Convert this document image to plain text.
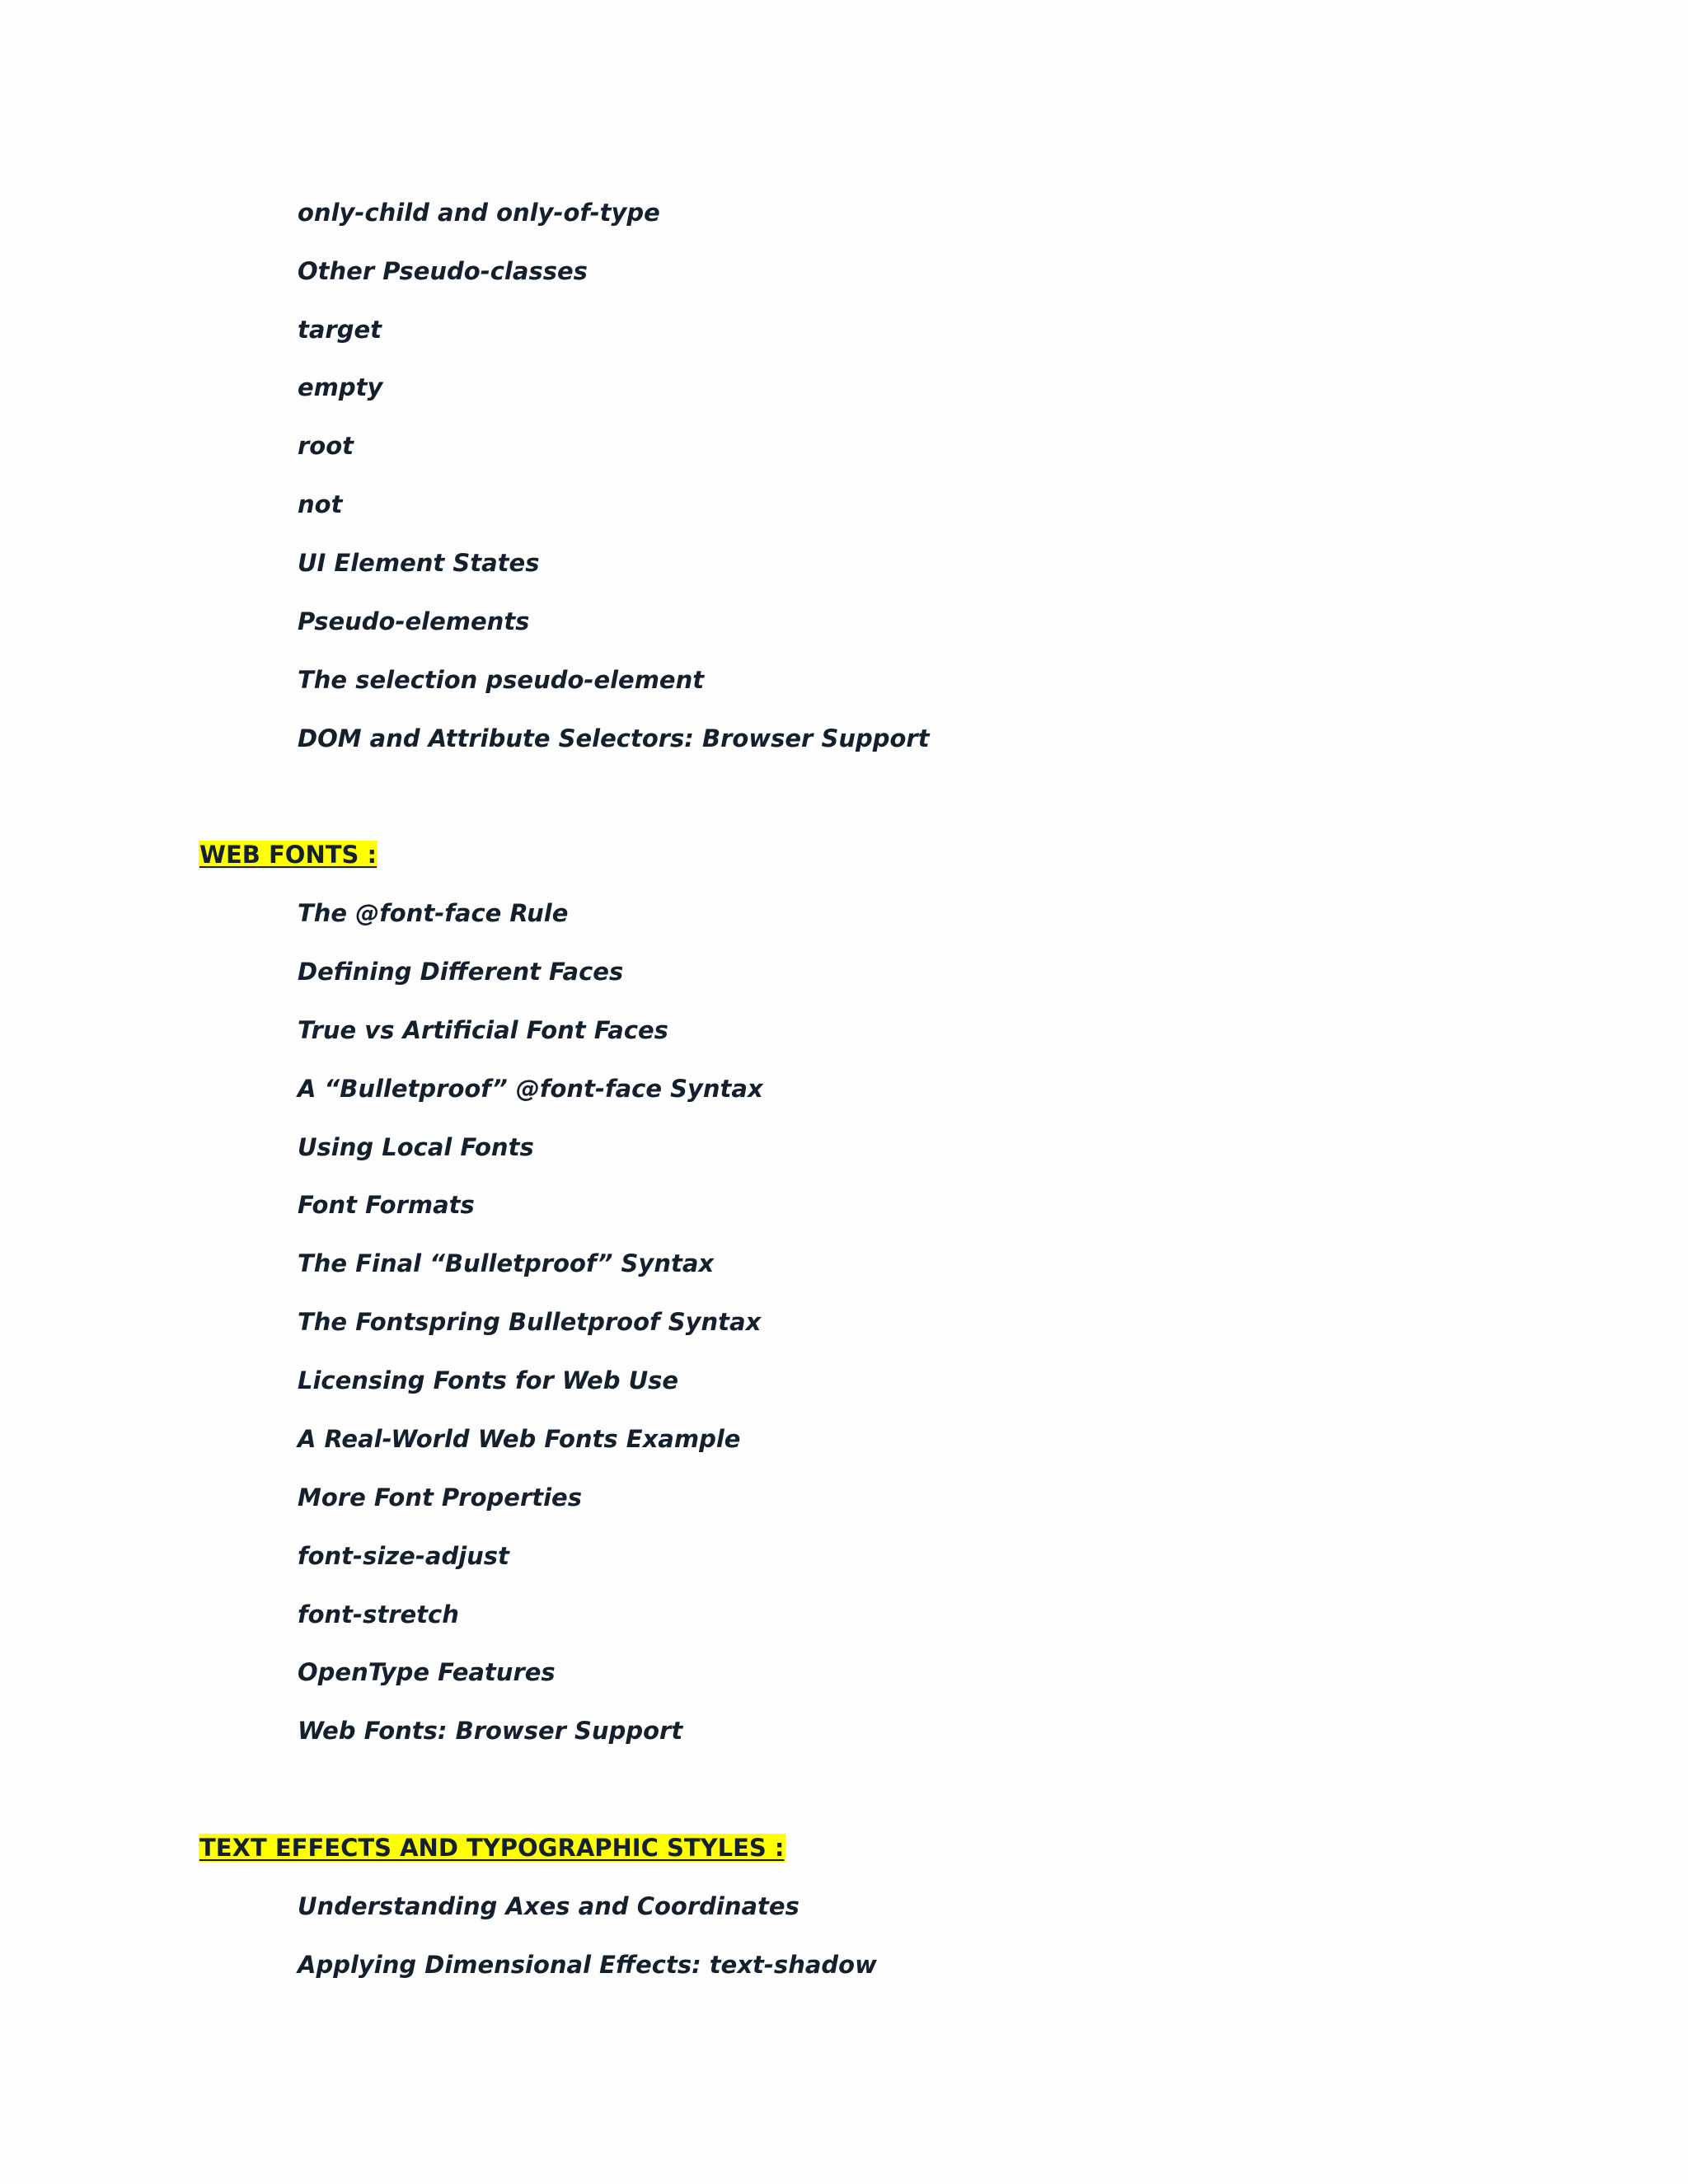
only-child and only-of-type
Other Pseudo-classes
target
empty
root
not
UI Element States
Pseudo-elements
The selection pseudo-element
DOM and Attribute Selectors: Browser Support
WEB FONTS :
The @font-face Rule
Defining Different Faces
True vs Artificial Font Faces
A “Bulletproof” @font-face Syntax
Using Local Fonts
Font Formats
The Final “Bulletproof” Syntax
The Fontspring Bulletproof Syntax
Licensing Fonts for Web Use
A Real-World Web Fonts Example
More Font Properties
font-size-adjust
font-stretch
OpenType Features
Web Fonts: Browser Support
TEXT EFFECTS AND TYPOGRAPHIC STYLES :
Understanding Axes and Coordinates
Applying Dimensional Effects: text-shadow
